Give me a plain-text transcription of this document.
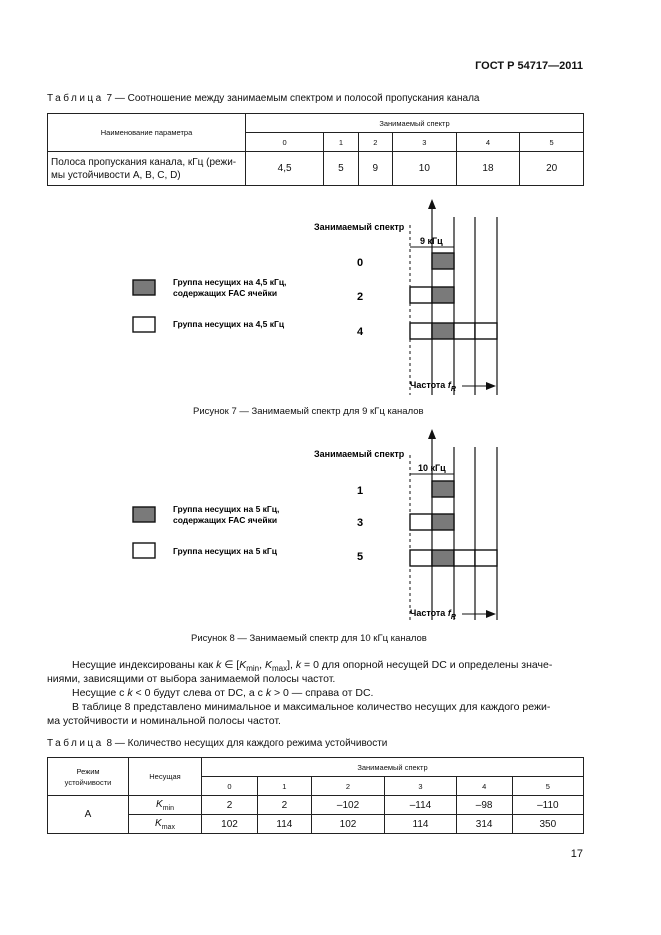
ГОСТ Р 54717—2011
Таблица 7 — Соотношение между занимаемым спектром и полосой пропускания канала
Наименование параметра	Занимаемый спектр					
	0	1	2	3	4	5
Полоса пропускания канала, кГц (режи-мы устойчивости A, B, C, D)	4,5	5	9	10	18	20
Занимаемый спектр
9 кГц
0
2
4
Группа несущих на 4,5 кГц,
содержащих FAC ячейки
Группа несущих на 4,5 кГц
Частота $f_R$
Рисунок 7 — Занимаемый спектр для 9 кГц каналов
Занимаемый спектр
10 кГц
1
3
5
Группа несущих на 5 кГц,
содержащих FAC ячейки
Группа несущих на 5 кГц
Частота $f_R$
Рисунок 8 — Занимаемый спектр для 10 кГц каналов
Несущие индексированы как k ∈ [$K_{min}$, $K_{max}$], k = 0 для опорной несущей DC и определены значе-
ниями, зависящими от выбора занимаемой полосы частот.
Несущие с k < 0 будут слева от DC, а с k > 0 — справа от DC.
В таблице 8 представлено минимальное и максимальное количество несущих для каждого режи-
ма устойчивости и номинальной полосы частот.
Таблица 8 — Количество несущих для каждого режима устойчивости
Режим устойчивости	Несущая	Занимаемый спектр					
		0	1	2	3	4	5
A	$K_{min}$	2	2	–102	–114	–98	–110
	$K_{max}$	102	114	102	114	314	350
17
